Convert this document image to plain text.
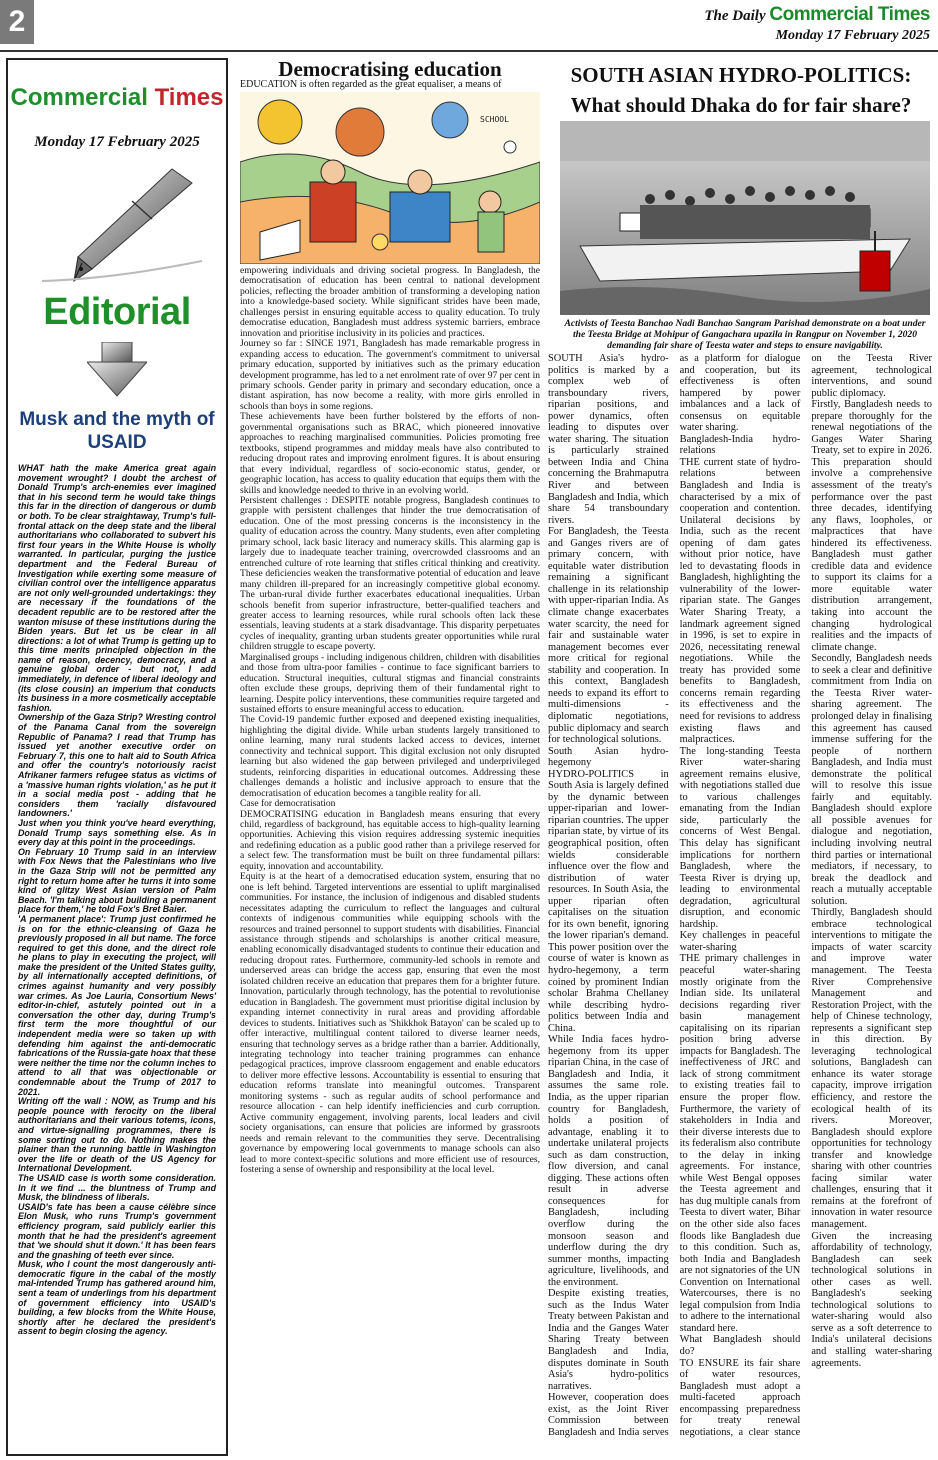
2	The Daily Commercial Times
Monday 17 February 2025
Commercial Times
Monday 17 February 2025
Editorial
Musk and the myth of USAID

WHAT hath the make America great again movement wrought? I doubt the archest of Donald Trump's arch-enemies ever imagined that in his second term he would take things this far in the direction of dangerous or dumb or both. To be clear straightaway, Trump's full-frontal attack on the deep state and the liberal authoritarians who collaborated to subvert his first four years in the White House is wholly warranted. In particular, purging the justice department and the Federal Bureau of Investigation while exerting some measure of civilian control over the intelligence apparatus are not only well-grounded undertakings: they are necessary if the foundations of the decadent republic are to be restored after the wanton misuse of these institutions during the Biden years. But let us be clear in all directions: a lot of what Trump is getting up to this time merits principled objection in the name of reason, decency, democracy, and a genuine global order - but not, I add immediately, in defence of liberal ideology and (its close cousin) an imperium that conducts its business in a more cosmetically acceptable fashion.

Ownership of the Gaza Strip? Wresting control of the Panama Canal from the sovereign Republic of Panama? I read that Trump has issued yet another executive order on February 7, this one to halt aid to South Africa and offer the country's notoriously racist Afrikaner farmers refugee status as victims of a 'massive human rights violation,' as he put it in a social media post - adding that he considers them 'racially disfavoured landowners.'

Just when you think you've heard everything, Donald Trump says something else. As in every day at this point in the proceedings.

On February 10 Trump said in an interview with Fox News that the Palestinians who live in the Gaza Strip will not be permitted any right to return home after he turns it into some kind of glitzy West Asian version of Palm Beach. 'I'm talking about building a permanent place for them,' he told Fox's Bret Baier.

'A permanent place': Trump just confirmed he is on for the ethnic-cleansing of Gaza he previously proposed in all but name. The force required to get this done, and the direct role he plans to play in executing the project, will make the president of the United States guilty, by all internationally accepted definitions, of crimes against humanity and very possibly war crimes. As Joe Lauria, Consortium News' editor-in-chief, astutely pointed out in a conversation the other day, during Trump's first term the more thoughtful of our independent media were so taken up with defending him against the anti-democratic fabrications of the Russia-gate hoax that these were neither the time nor the column inches to attend to all that was objectionable or condemnable about the Trump of 2017 to 2021.

Writing off the wall : NOW, as Trump and his people pounce with ferocity on the liberal authoritarians and their various totems, icons, and virtue-signalling programmes, there is some sorting out to do. Nothing makes the plainer than the running battle in Washington over the life or death of the US Agency for International Development.

The USAID case is worth some consideration. In it we find ... the bluntness of Trump and Musk, the blindness of liberals.

USAID's fate has been a cause célèbre since Elon Musk, who runs Trump's government efficiency program, said publicly earlier this month that he had the president's agreement that 'we should shut it down.' It has been fears and the gnashing of teeth ever since.

Musk, who I count the most dangerously anti-democratic figure in the cabal of the mostly mal-intended Trump has gathered around him, sent a team of underlings from his department of government efficiency into USAID's building, a few blocks from the White House, shortly after he declared the president's assent to begin closing the agency.

Democratising education
EDUCATION is often regarded as the great equaliser, a means of
SCHOOL

empowering individuals and driving societal progress. In Bangladesh, the democratisation of education has been central to national development policies, reflecting the broader ambition of transforming a developing nation into a knowledge-based society. While significant strides have been made, challenges persist in ensuring equitable access to quality education. To truly democratise education, Bangladesh must address systemic barriers, embrace innovation and prioritise inclusivity in its policies and practices.

Journey so far : SINCE 1971, Bangladesh has made remarkable progress in expanding access to education. The government's commitment to universal primary education, supported by initiatives such as the primary education development programme, has led to a net enrolment rate of over 97 per cent in primary schools. Gender parity in primary and secondary education, once a distant aspiration, has now become a reality, with more girls enrolled in schools than boys in some regions.

These achievements have been further bolstered by the efforts of non-governmental organisations such as BRAC, which pioneered innovative approaches to reaching marginalised communities. Policies promoting free textbooks, stipend programmes and midday meals have also contributed to reducing dropout rates and improving enrolment figures. It is about ensuring that every individual, regardless of socio-economic status, gender, or geographic location, has access to quality education that equips them with the skills and knowledge needed to thrive in an evolving world.

Persistent challenges : DESPITE notable progress, Bangladesh continues to grapple with persistent challenges that hinder the true democratisation of education. One of the most pressing concerns is the inconsistency in the quality of education across the country. Many students, even after completing primary school, lack basic literacy and numeracy skills. This alarming gap is largely due to inadequate teacher training, overcrowded classrooms and an entrenched culture of rote learning that stifles critical thinking and creativity. These deficiencies weaken the transformative potential of education and leave many children ill-prepared for an increasingly competitive global economy. The urban-rural divide further exacerbates educational inequalities. Urban schools benefit from superior infrastructure, better-qualified teachers and greater access to learning resources, while rural schools often lack these essentials, leaving students at a stark disadvantage. This disparity perpetuates cycles of inequality, granting urban students greater opportunities while rural children struggle to escape poverty.

Marginalised groups - including indigenous children, children with disabilities and those from ultra-poor families - continue to face significant barriers to education. Structural inequities, cultural stigmas and financial constraints often exclude these groups, depriving them of their fundamental right to learning. Despite policy interventions, these communities require targeted and sustained efforts to ensure meaningful access to education.

The Covid-19 pandemic further exposed and deepened existing inequalities, highlighting the digital divide. While urban students largely transitioned to online learning, many rural students lacked access to devices, internet connectivity and technical support. This digital exclusion not only disrupted learning but also widened the gap between privileged and underprivileged students, reinforcing disparities in educational outcomes. Addressing these challenges demands a holistic and inclusive approach to ensure that the democratisation of education becomes a tangible reality for all.

Case for democratisation

DEMOCRATISING education in Bangladesh means ensuring that every child, regardless of background, has equitable access to high-quality learning opportunities. Achieving this vision requires addressing systemic inequities and redefining education as a public good rather than a privilege reserved for a select few. The transformation must be built on three fundamental pillars: equity, innovation and accountability.

Equity is at the heart of a democratised education system, ensuring that no one is left behind. Targeted interventions are essential to uplift marginalised communities. For instance, the inclusion of indigenous and disabled students necessitates adapting the curriculum to reflect the languages and cultural contexts of indigenous communities while equipping schools with the resources and trained personnel to support students with disabilities. Financial assistance through stipends and scholarships is another critical measure, enabling economically disadvantaged students to continue their education and reducing dropout rates. Furthermore, community-led schools in remote and underserved areas can bridge the access gap, ensuring that even the most isolated children receive an education that prepares them for a brighter future. Innovation, particularly through technology, has the potential to revolutionise education in Bangladesh. The government must prioritise digital inclusion by expanding internet connectivity in rural areas and providing affordable devices to students. Initiatives such as 'Shikkhok Batayon' can be scaled up to offer interactive, multilingual content tailored to diverse learner needs, ensuring that technology serves as a bridge rather than a barrier. Additionally, integrating technology into teacher training programmes can enhance pedagogical practices, improve classroom engagement and enable educators to deliver more effective lessons. Accountability is essential to ensuring that education reforms translate into meaningful outcomes. Transparent monitoring systems - such as regular audits of school performance and resource allocation - can help identify inefficiencies and curb corruption. Active community engagement, involving parents, local leaders and civil society organisations, can ensure that policies are informed by grassroots needs and remain relevant to the communities they serve. Decentralising governance by empowering local governments to manage schools can also lead to more context-specific solutions and more efficient use of resources, fostering a sense of ownership and responsibility at the local level.

SOUTH ASIAN HYDRO-POLITICS:
What should Dhaka do for fair share?
Activists of Teesta Banchao Nadi Banchao Sangram Parishad demonstrate on a boat under the Teesta Bridge at Mohipur of Gangachara upazila in Rangpur on November 1, 2020 demanding fair share of Teesta water and steps to ensure navigability.

SOUTH Asia's hydro-politics is marked by a complex web of transboundary rivers, riparian positions, and power dynamics, often leading to disputes over water sharing. The situation is particularly strained between India and China concerning the Brahmaputra River and between Bangladesh and India, which share 54 transboundary rivers.

For Bangladesh, the Teesta and Ganges rivers are of primary concern, with equitable water distribution remaining a significant challenge in its relationship with upper-riparian India. As climate change exacerbates water scarcity, the need for fair and sustainable water management becomes ever more critical for regional stability and cooperation. In this context, Bangladesh needs to expand its effort to multi-dimensions - diplomatic negotiations, public diplomacy and search for technological solutions.

South Asian hydro-hegemony

HYDRO-POLITICS in South Asia is largely defined by the dynamic between upper-riparian and lower-riparian countries. The upper riparian state, by virtue of its geographical position, often wields considerable influence over the flow and distribution of water resources. In South Asia, the upper riparian often capitalises on the situation for its own benefit, ignoring the lower riparian's demand. This power position over the course of water is known as hydro-hegemony, a term coined by prominent Indian scholar Brahma Chellaney while describing hydro-politics between India and China.

While India faces hydro-hegemony from its upper riparian China, in the case of Bangladesh and India, it assumes the same role. India, as the upper riparian country for Bangladesh, holds a position of advantage, enabling it to undertake unilateral projects such as dam construction, flow diversion, and canal digging. These actions often result in adverse consequences for Bangladesh, including overflow during the monsoon season and underflow during the dry summer months, impacting agriculture, livelihoods, and the environment.

Despite existing treaties, such as the Indus Water Treaty between Pakistan and India and the Ganges Water Sharing Treaty between Bangladesh and India, disputes dominate in South Asia's hydro-politics narratives.

However, cooperation does exist, as the Joint River Commission between Bangladesh and India serves as a platform for dialogue and cooperation, but its effectiveness is often hampered by power imbalances and a lack of consensus on equitable water sharing.

Bangladesh-India hydro-relations

THE current state of hydro-relations between Bangladesh and India is characterised by a mix of cooperation and contention. Unilateral decisions by India, such as the recent opening of dam gates without prior notice, have led to devastating floods in Bangladesh, highlighting the vulnerability of the lower-riparian state. The Ganges Water Sharing Treaty, a landmark agreement signed in 1996, is set to expire in 2026, necessitating renewal negotiations. While the treaty has provided some benefits to Bangladesh, concerns remain regarding its effectiveness and the need for revisions to address existing flaws and malpractices.

The long-standing Teesta River water-sharing agreement remains elusive, with negotiations stalled due to various challenges emanating from the Indian side, particularly the concerns of West Bengal. This delay has significant implications for northern Bangladesh, where the Teesta River is drying up, leading to environmental degradation, agricultural disruption, and economic hardship.

Key challenges in peaceful water-sharing

THE primary challenges in peaceful water-sharing mostly originate from the Indian side. Its unilateral decisions regarding river basin management capitalising on its riparian position bring adverse impacts for Bangladesh. The ineffectiveness of JRC and lack of strong commitment to existing treaties fail to ensure the proper flow. Furthermore, the variety of stakeholders in India and their diverse interests due to its federalism also contribute to the delay in inking agreements. For instance, while West Bengal opposes the Teesta agreement and has dug multiple canals from Teesta to divert water, Bihar on the other side also faces floods like Bangladesh due to this condition. Such as, both India and Bangladesh are not signatories of the UN Convention on International Watercourses, there is no legal compulsion from India to adhere to the international standard here.

What Bangladesh should do?

TO ENSURE its fair share of water resources, Bangladesh must adopt a multi-faceted approach encompassing preparedness for treaty renewal negotiations, a clear stance on the Teesta River agreement, technological interventions, and sound public diplomacy.

Firstly, Bangladesh needs to prepare thoroughly for the renewal negotiations of the Ganges Water Sharing Treaty, set to expire in 2026. This preparation should involve a comprehensive assessment of the treaty's performance over the past three decades, identifying any flaws, loopholes, or malpractices that have hindered its effectiveness. Bangladesh must gather credible data and evidence to support its claims for a more equitable water distribution arrangement, taking into account the changing hydrological realities and the impacts of climate change.

Secondly, Bangladesh needs to seek a clear and definitive commitment from India on the Teesta River water-sharing agreement. The prolonged delay in finalising this agreement has caused immense suffering for the people of northern Bangladesh, and India must demonstrate the political will to resolve this issue fairly and equitably. Bangladesh should explore all possible avenues for dialogue and negotiation, including involving neutral third parties or international mediators, if necessary, to break the deadlock and reach a mutually acceptable solution.

Thirdly, Bangladesh should embrace technological interventions to mitigate the impacts of water scarcity and improve water management. The Teesta River Comprehensive Management and Restoration Project, with the help of Chinese technology, represents a significant step in this direction. By leveraging technological solutions, Bangladesh can enhance its water storage capacity, improve irrigation efficiency, and restore the ecological health of its rivers. Moreover, Bangladesh should explore opportunities for technology transfer and knowledge sharing with other countries facing similar water challenges, ensuring that it remains at the forefront of innovation in water resource management.

Given the increasing affordability of technology, Bangladesh can seek technological solutions in other cases as well. Bangladesh's seeking technological solutions to water-sharing would also serve as a soft deterrence to India's unilateral decisions and stalling water-sharing agreements.
